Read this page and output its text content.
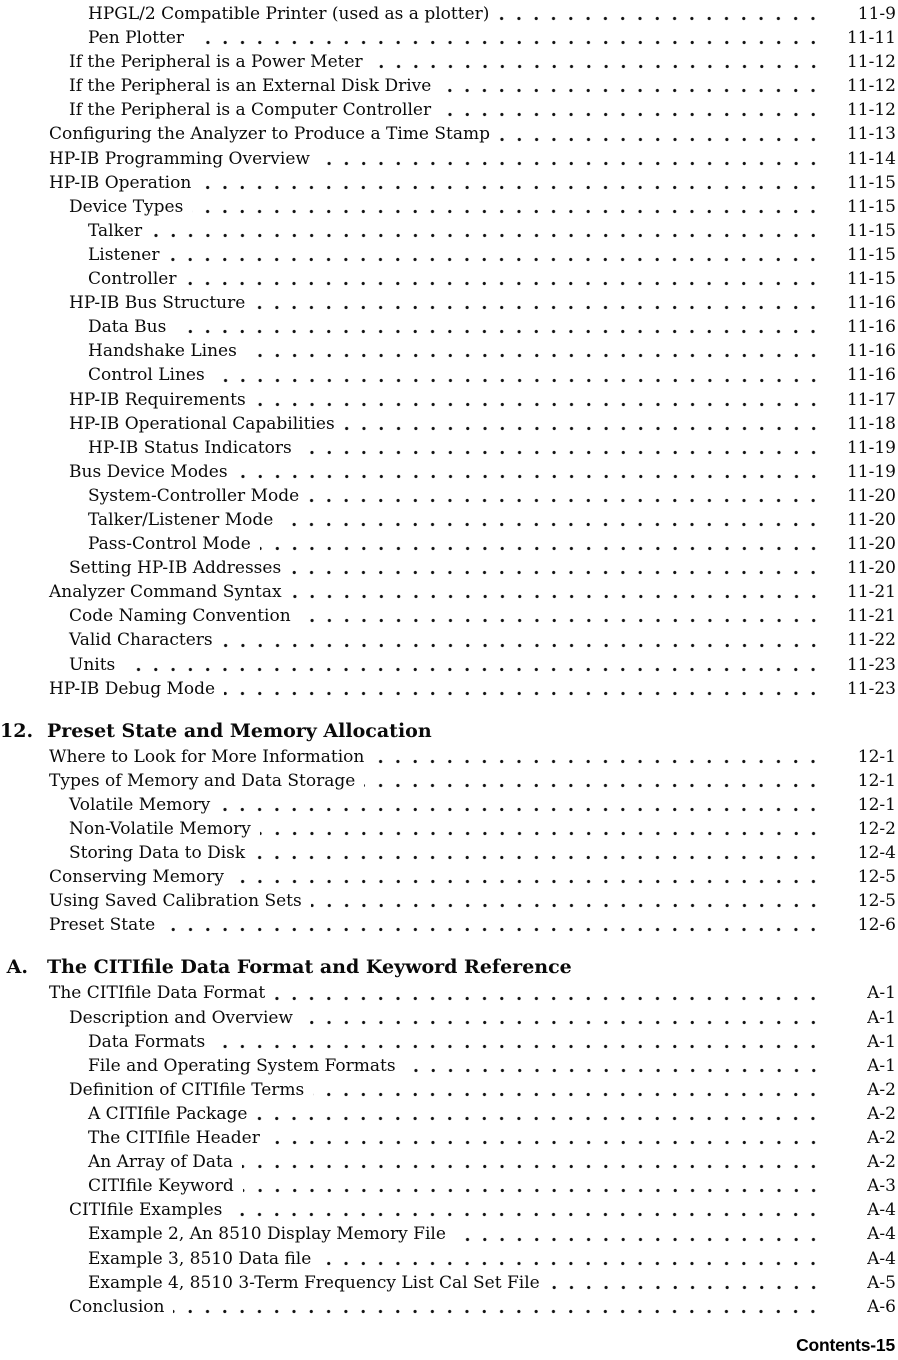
HPGL/2 Compatible Printer (used as a plotter)	11-9
Pen Plotter	11-11
If the Peripheral is a Power Meter	11-12
If the Peripheral is an External Disk Drive	11-12
If the Peripheral is a Computer Controller	11-12
Configuring the Analyzer to Produce a Time Stamp	11-13
HP-IB Programming Overview	11-14
HP-IB Operation	11-15
Device Types	11-15
Talker	11-15
Listener	11-15
Controller	11-15
HP-IB Bus Structure	11-16
Data Bus	11-16
Handshake Lines	11-16
Control Lines	11-16
HP-IB Requirements	11-17
HP-IB Operational Capabilities	11-18
HP-IB Status Indicators	11-19
Bus Device Modes	11-19
System-Controller Mode	11-20
Talker/Listener Mode	11-20
Pass-Control Mode	11-20
Setting HP-IB Addresses	11-20
Analyzer Command Syntax	11-21
Code Naming Convention	11-21
Valid Characters	11-22
Units	11-23
HP-IB Debug Mode	11-23
12. Preset State and Memory Allocation
Where to Look for More Information	12-1
Types of Memory and Data Storage	12-1
Volatile Memory	12-1
Non-Volatile Memory	12-2
Storing Data to Disk	12-4
Conserving Memory	12-5
Using Saved Calibration Sets	12-5
Preset State	12-6
A. The CITIfile Data Format and Keyword Reference
The CITIfile Data Format	A-1
Description and Overview	A-1
Data Formats	A-1
File and Operating System Formats	A-1
Definition of CITIfile Terms	A-2
A CITIfile Package	A-2
The CITIfile Header	A-2
An Array of Data	A-2
CITIfile Keyword	A-3
CITIfile Examples	A-4
Example 2, An 8510 Display Memory File	A-4
Example 3, 8510 Data file	A-4
Example 4, 8510 3-Term Frequency List Cal Set File	A-5
Conclusion	A-6
Contents-15
